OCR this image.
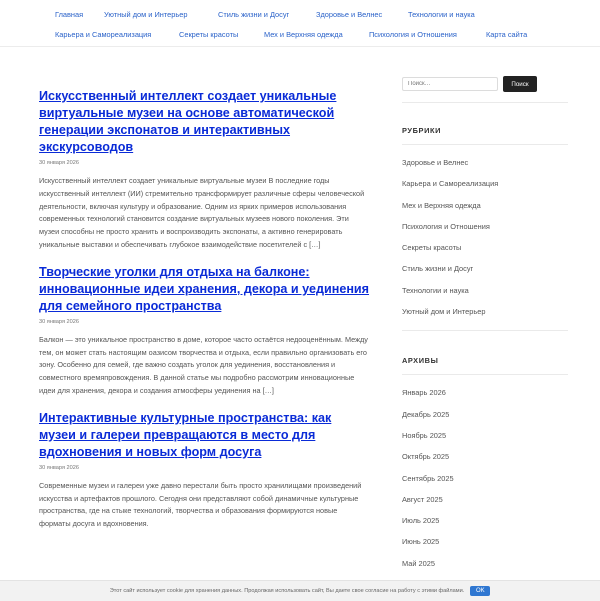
Главная	Уютный дом и Интерьер	Стиль жизни и Досуг	Здоровье и Велнес	Технологии и наука
Карьера и Самореализация	Секреты красоты	Мех и Верхняя одежда	Психология и Отношения	Карта сайта
Искусственный интеллект создает уникальные виртуальные музеи на основе автоматической генерации экспонатов и интерактивных экскурсоводов
30 января 2026

Искусственный интеллект создает уникальные виртуальные музеи В последние годы искусственный интеллект (ИИ) стремительно трансформирует различные сферы человеческой деятельности, включая культуру и образование. Одним из ярких примеров использования современных технологий становится создание виртуальных музеев нового поколения. Эти музеи способны не просто хранить и воспроизводить экспонаты, а активно генерировать уникальные выставки и обеспечивать глубокое взаимодействие посетителей с […]

Творческие уголки для отдыха на балконе: инновационные идеи хранения, декора и уединения для семейного пространства
30 января 2026

Балкон — это уникальное пространство в доме, которое часто остаётся недооценённым. Между тем, он может стать настоящим оазисом творчества и отдыха, если правильно организовать его зону. Особенно для семей, где важно создать уголок для уединения, восстановления и совместного времяпровождения. В данной статье мы подробно рассмотрим инновационные идеи для хранения, декора и создания атмосферы уединения на […]

Интерактивные культурные пространства: как музеи и галереи превращаются в место для вдохновения и новых форм досуга
30 января 2026

Современные музеи и галереи уже давно перестали быть просто хранилищами произведений искусства и артефактов прошлого. Сегодня они представляют собой динамичные культурные пространства, где на стыке технологий, творчества и образования формируются новые форматы досуга и вдохновения.

Поиск…
Поиск
РУБРИКИ
Здоровье и Велнес
Карьера и Самореализация
Мех и Верхняя одежда
Психология и Отношения
Секреты красоты
Стиль жизни и Досуг
Технологии и наука
Уютный дом и Интерьер
АРХИВЫ
Январь 2026
Декабрь 2025
Ноябрь 2025
Октябрь 2025
Сентябрь 2025
Август 2025
Июль 2025
Июнь 2025
Май 2025
Этот сайт использует cookie для хранения данных. Продолжая использовать сайт, Вы даете свое согласие на работу с этими файлами.	OK
